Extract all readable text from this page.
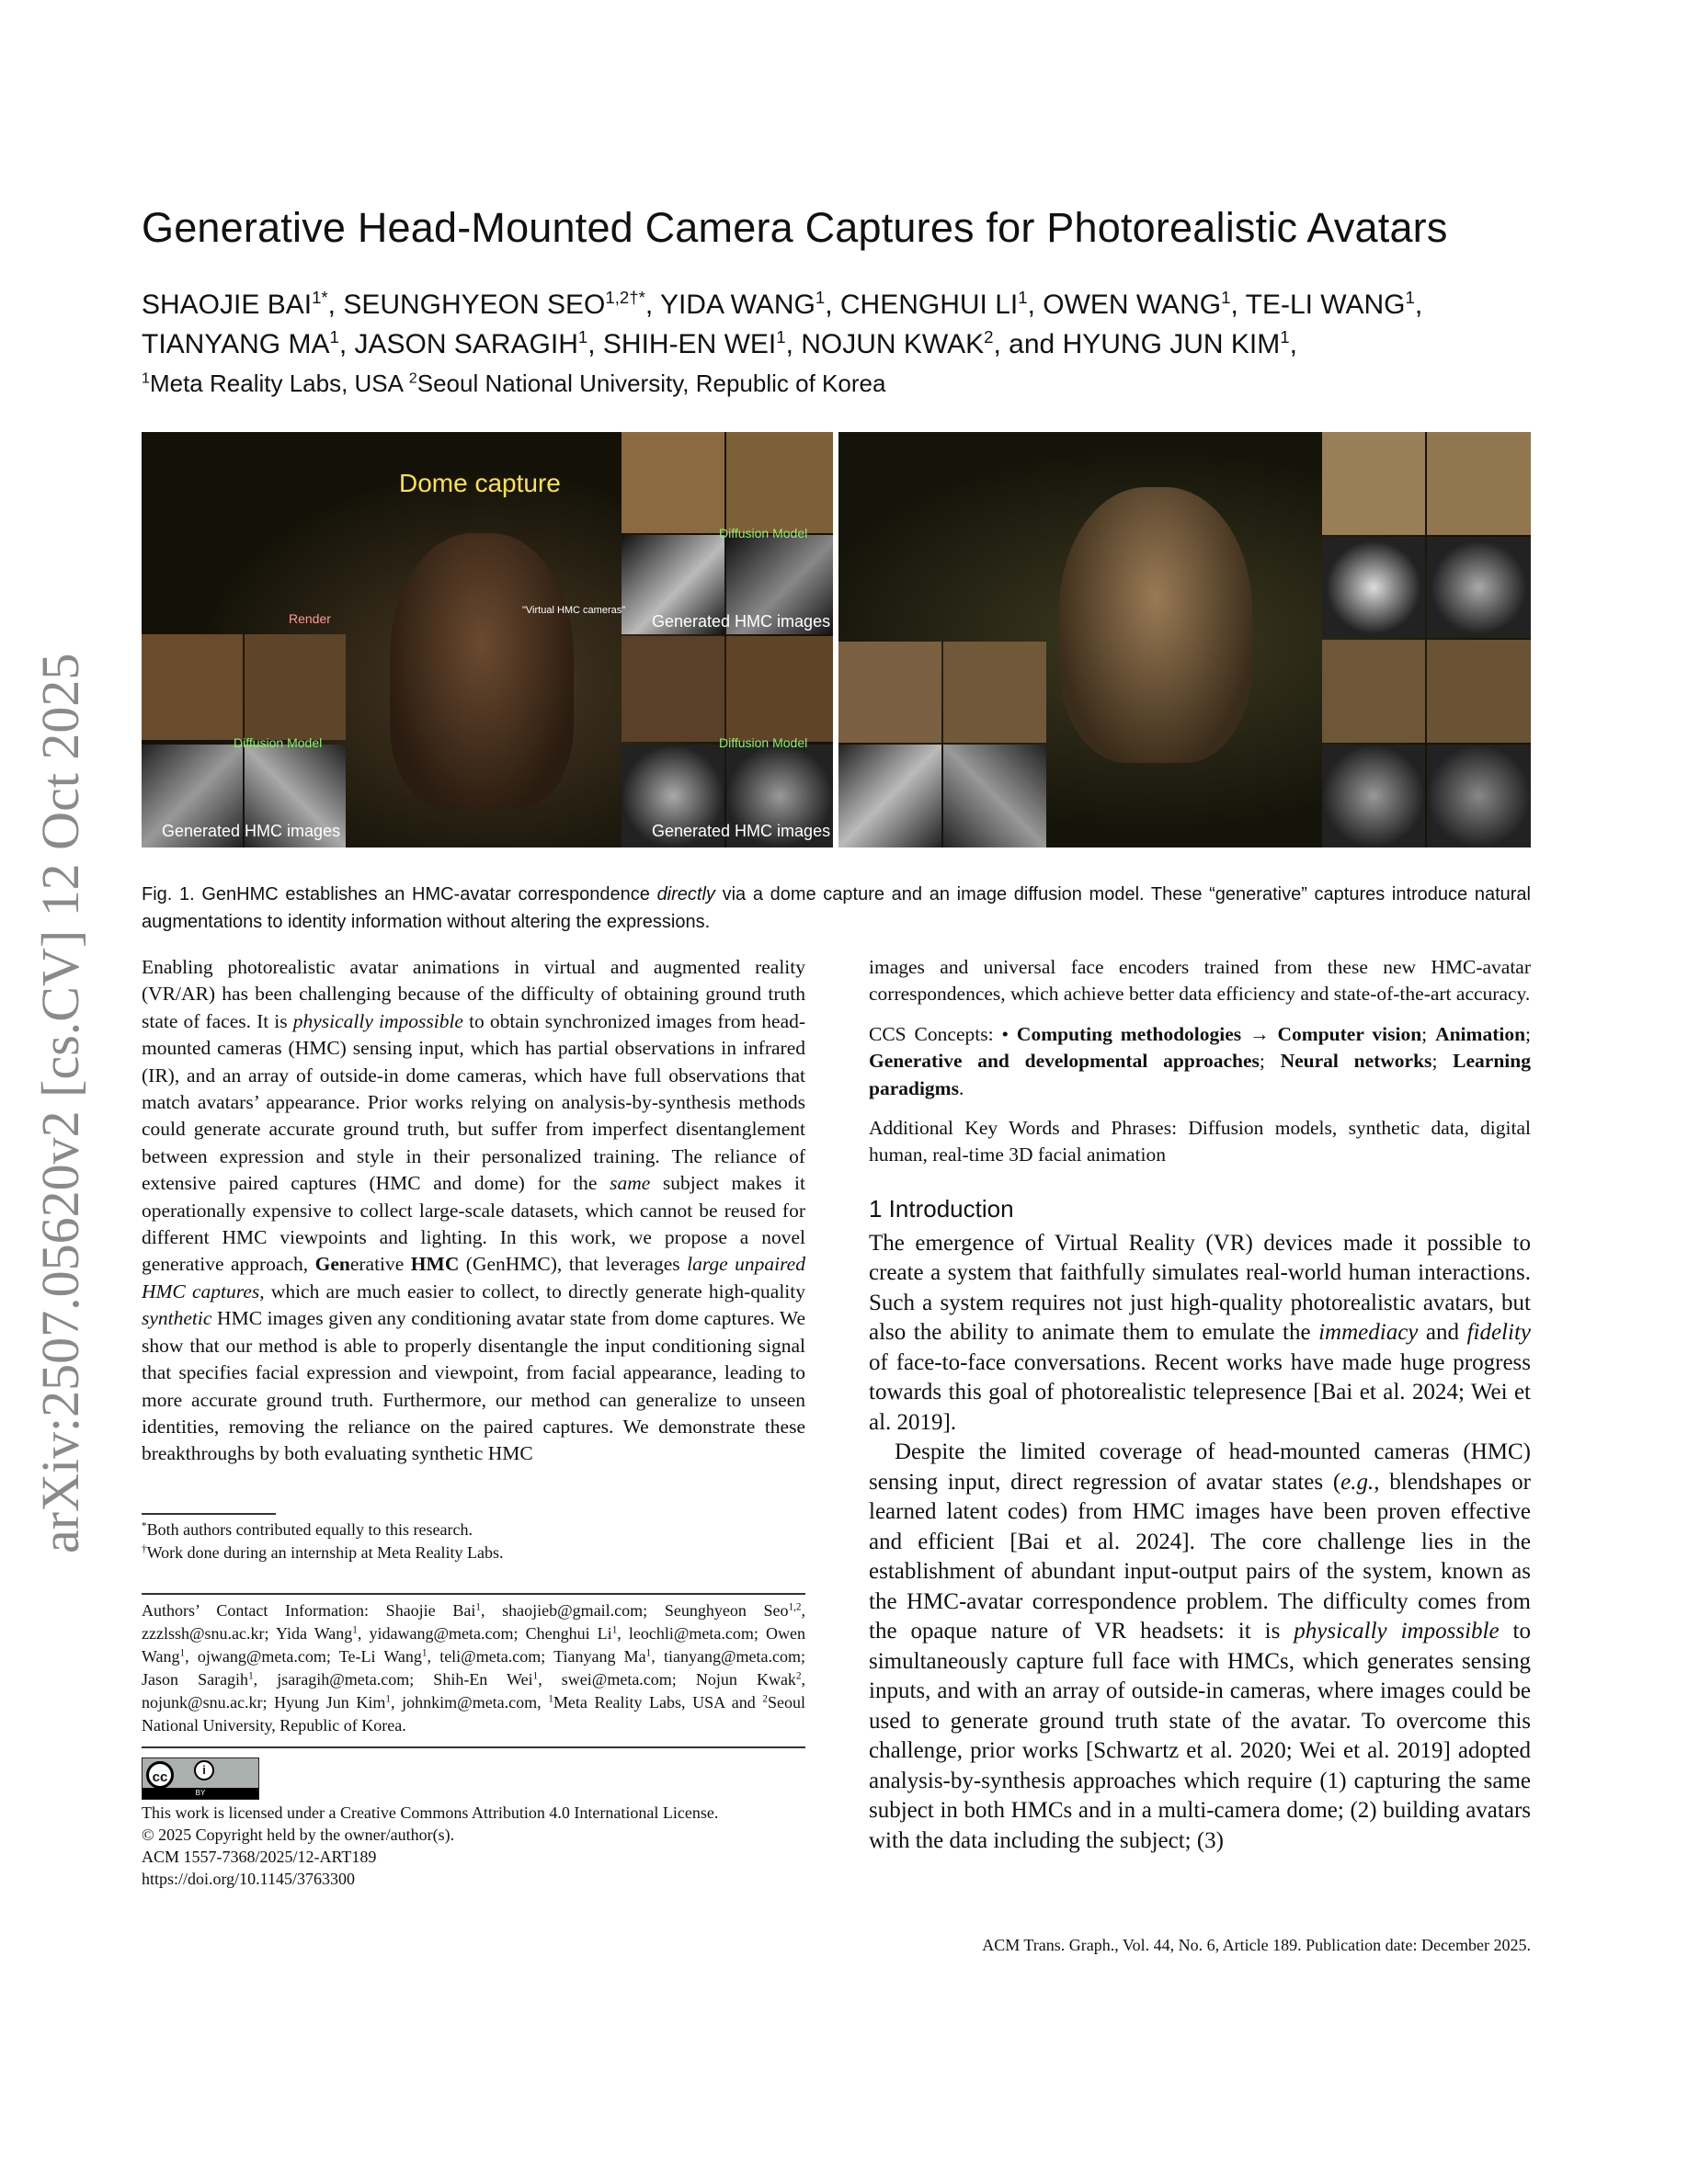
arXiv:2507.05620v2 [cs.CV] 12 Oct 2025
Generative Head-Mounted Camera Captures for Photorealistic Avatars
SHAOJIE $BAI^{1*}$, SEUNGHYEON $SEO^{1,2\dagger*}$, YIDA WANG$^1$, CHENGHUI $LI^1$, OWEN WANG$^1$, TE-LI WANG$^1$,
TIANYANG $MA^1$, JASON SARAGIH$^1$, SHIH-EN WEI$^1$, NOJUN KWAK$^2$, and HYUNG JUN KIM$^1$,
$^1$Meta Reality Labs, USA $^2$Seoul National University, Republic of Korea
Dome capture
Render
"Virtual HMC cameras"
Diffusion Model
Diffusion Model
Diffusion Model
Generated HMC images
Generated HMC images
Generated HMC images
Fig. 1. GenHMC establishes an HMC-avatar correspondence directly via a dome capture and an image diffusion model. These “generative” captures introduce natural augmentations to identity information without altering the expressions.
Enabling photorealistic avatar animations in virtual and augmented reality (VR/AR) has been challenging because of the difficulty of obtaining ground truth state of faces. It is physically impossible to obtain synchronized images from head-mounted cameras (HMC) sensing input, which has partial observations in infrared (IR), and an array of outside-in dome cameras, which have full observations that match avatars’ appearance. Prior works relying on analysis-by-synthesis methods could generate accurate ground truth, but suffer from imperfect disentanglement between expression and style in their personalized training. The reliance of extensive paired captures (HMC and dome) for the same subject makes it operationally expensive to collect large-scale datasets, which cannot be reused for different HMC viewpoints and lighting. In this work, we propose a novel generative approach, Generative HMC (GenHMC), that leverages large unpaired HMC captures, which are much easier to collect, to directly generate high-quality synthetic HMC images given any conditioning avatar state from dome captures. We show that our method is able to properly disentangle the input conditioning signal that specifies facial expression and viewpoint, from facial appearance, leading to more accurate ground truth. Furthermore, our method can generalize to unseen identities, removing the reliance on the paired captures. We demonstrate these breakthroughs by both evaluating synthetic HMC

images and universal face encoders trained from these new HMC-avatar correspondences, which achieve better data efficiency and state-of-the-art accuracy.

CCS Concepts: • Computing methodologies → Computer vision; Animation; Generative and developmental approaches; Neural networks; Learning paradigms.

Additional Key Words and Phrases: Diffusion models, synthetic data, digital human, real-time 3D facial animation

1 Introduction

The emergence of Virtual Reality (VR) devices made it possible to create a system that faithfully simulates real-world human interactions. Such a system requires not just high-quality photorealistic avatars, but also the ability to animate them to emulate the immediacy and fidelity of face-to-face conversations. Recent works have made huge progress towards this goal of photorealistic telepresence [Bai et al. 2024; Wei et al. 2019].

Despite the limited coverage of head-mounted cameras (HMC) sensing input, direct regression of avatar states (e.g., blendshapes or learned latent codes) from HMC images have been proven effective and efficient [Bai et al. 2024]. The core challenge lies in the establishment of abundant input-output pairs of the system, known as the HMC-avatar correspondence problem. The difficulty comes from the opaque nature of VR headsets: it is physically impossible to simultaneously capture full face with HMCs, which generates sensing inputs, and with an array of outside-in cameras, where images could be used to generate ground truth state of the avatar. To overcome this challenge, prior works [Schwartz et al. 2020; Wei et al. 2019] adopted analysis-by-synthesis approaches which require (1) capturing the same subject in both HMCs and in a multi-camera dome; (2) building avatars with the data including the subject; (3)

*Both authors contributed equally to this research.
†Work done during an internship at Meta Reality Labs.
Authors’ Contact Information: Shaojie Bai$^1$, shaojieb@gmail.com; Seunghyeon Seo$^{1,2}$, zzzlssh@snu.ac.kr; Yida Wang$^1$, yidawang@meta.com; Chenghui Li$^1$, leochli@meta.com; Owen Wang$^1$, ojwang@meta.com; Te-Li Wang$^1$, teli@meta.com; Tianyang Ma$^1$, tianyang@meta.com; Jason Saragih$^1$, jsaragih@meta.com; Shih-En Wei$^1$, swei@meta.com; Nojun Kwak$^2$, nojunk@snu.ac.kr; Hyung Jun Kim$^1$, johnkim@meta.com, $^1$Meta Reality Labs, USA and $^2$Seoul National University, Republic of Korea.
cc	i
BY
This work is licensed under a Creative Commons Attribution 4.0 International License.
© 2025 Copyright held by the owner/author(s).
ACM 1557-7368/2025/12-ART189
https://doi.org/10.1145/3763300
ACM Trans. Graph., Vol. 44, No. 6, Article 189. Publication date: December 2025.
